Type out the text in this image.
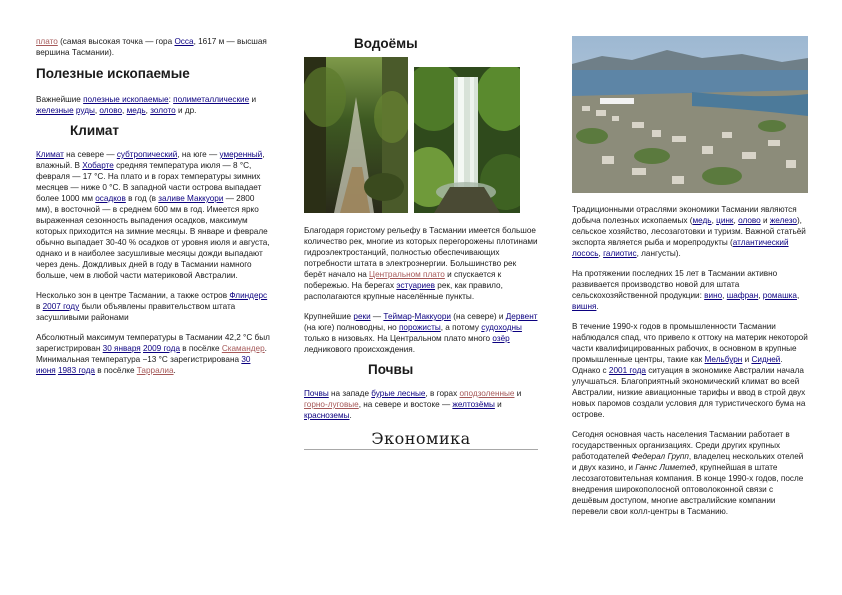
плато (самая высокая точка — гора Осса, 1617 м — высшая вершина Тасмании).

Полезные ископаемые

Важнейшие полезные ископаемые: полиметаллические и железные руды, олово, медь, золото и др.

Климат

Климат на севере — субтропический, на юге — умеренный, влажный. В Хобарте средняя температура июля — 8 °С, февраля — 17 °С. На плато и в горах температуры зимних месяцев — ниже 0 °С. В западной части острова выпадает более 1000 мм осадков в год (в заливе Маккуори — 2800 мм), в восточной — в среднем 600 мм в год. Имеется ярко выраженная сезонность выпадения осадков, максимум которых приходится на зимние месяцы. В январе и феврале обычно выпадает 30-40 % осадков от уровня июля и августа, однако и в наиболее засушливые месяцы дожди выпадают через день. Дождливых дней в году в Тасмании намного больше, чем в любой части материковой Австралии.

Несколько зон в центре Тасмании, а также остров Флиндерс в 2007 году были объявлены правительством штата засушливыми районами

Абсолютный максимум температуры в Тасмании 42,2 °C был зарегистрирован 30 января 2009 года в посёлке Скамандер. Минимальная температура −13 °C зарегистрирована 30 июня 1983 года в посёлке Тарралиа.

Водоёмы

Благодаря гористому рельефу в Тасмании имеется большое количество рек, многие из которых перегорожены плотинами гидроэлектростанций, полностью обеспечивающих потребности штата в электроэнергии. Большинство рек берёт начало на Центральном плато и спускается к побережью. На берегах эстуариев рек, как правило, располагаются крупные населённые пункты.

Крупнейшие реки — Теймар-Маккуори (на севере) и Дервент (на юге) полноводны, но порожисты, а потому судоходны только в низовьях. На Центральном плато много озёр ледникового происхождения.

Почвы

Почвы на западе бурые лесные, в горах оподзоленные и горно-луговые, на севере и востоке — желтозёмы и красноземы.

Экономика

Традиционными отраслями экономики Тасмании являются добыча полезных ископаемых (медь, цинк, олово и железо), сельское хозяйство, лесозаготовки и туризм. Важной статьёй экспорта является рыба и морепродукты (атлантический лосось, галиотис, лангусты).

На протяжении последних 15 лет в Тасмании активно развивается производство новой для штата сельскохозяйственной продукции: вино, шафран, ромашка, вишня.

В течение 1990-х годов в промышленности Тасмании наблюдался спад, что привело к оттоку на материк некоторой части квалифицированных рабочих, в основном в крупные промышленные центры, такие как Мельбурн и Сидней. Однако с 2001 года ситуация в экономике Австралии начала улучшаться. Благоприятный экономический климат во всей Австралии, низкие авиационные тарифы и ввод в строй двух новых паромов создали условия для туристического бума на острове.

Сегодня основная часть населения Тасмании работает в государственных организациях. Среди других крупных работодателей Федерал Групп, владелец нескольких отелей и двух казино, и Ганнс Лиметед, крупнейшая в штате лесозаготовительная компания. В конце 1990-х годов, после внедрения широкополосной оптоволоконной связи с дешёвым доступом, многие австралийские компании перевели свои колл-центры в Тасманию.
